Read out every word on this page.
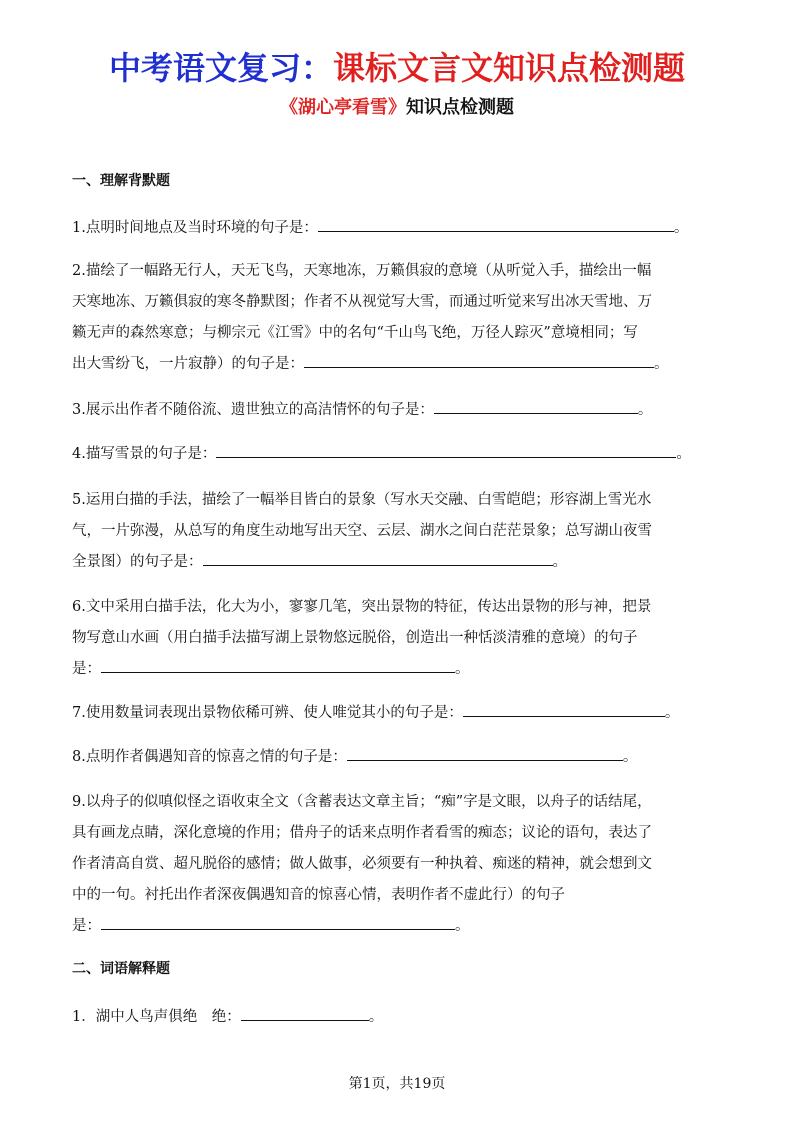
中考语文复习：课标文言文知识点检测题
《湖心亭看雪》知识点检测题
一、理解背默题

1.点明时间地点及当时环境的句子是：	。

2.描绘了一幅路无行人，天无飞鸟，天寒地冻，万籁俱寂的意境（从听觉入手，描绘出一幅

天寒地冻、万籁俱寂的寒冬静默图；作者不从视觉写大雪，而通过听觉来写出冰天雪地、万

籁无声的森然寒意；与柳宗元《江雪》中的名句“千山鸟飞绝，万径人踪灭”意境相同；写

出大雪纷飞，一片寂静）的句子是：	。

3.展示出作者不随俗流、遗世独立的高洁情怀的句子是：	。

4.描写雪景的句子是：	。

5.运用白描的手法，描绘了一幅举目皆白的景象（写水天交融、白雪皑皑；形容湖上雪光水

气，一片弥漫，从总写的角度生动地写出天空、云层、湖水之间白茫茫景象；总写湖山夜雪

全景图）的句子是：	。

6.文中采用白描手法，化大为小，寥寥几笔，突出景物的特征，传达出景物的形与神，把景

物写意山水画（用白描手法描写湖上景物悠远脱俗，创造出一种恬淡清雅的意境）的句子

是：	。

7.使用数量词表现出景物依稀可辨、使人唯觉其小的句子是：	。

8.点明作者偶遇知音的惊喜之情的句子是：	。

9.以舟子的似嗔似怪之语收束全文（含蓄表达文章主旨；“痴”字是文眼，以舟子的话结尾，

具有画龙点睛，深化意境的作用；借舟子的话来点明作者看雪的痴态；议论的语句，表达了

作者清高自赏、超凡脱俗的感情；做人做事，必须要有一种执着、痴迷的精神，就会想到文

中的一句。衬托出作者深夜偶遇知音的惊喜心情，表明作者不虚此行）的句子

是：	。

二、词语解释题

1．湖中人鸟声俱绝　绝：	。

第1页，共19页
